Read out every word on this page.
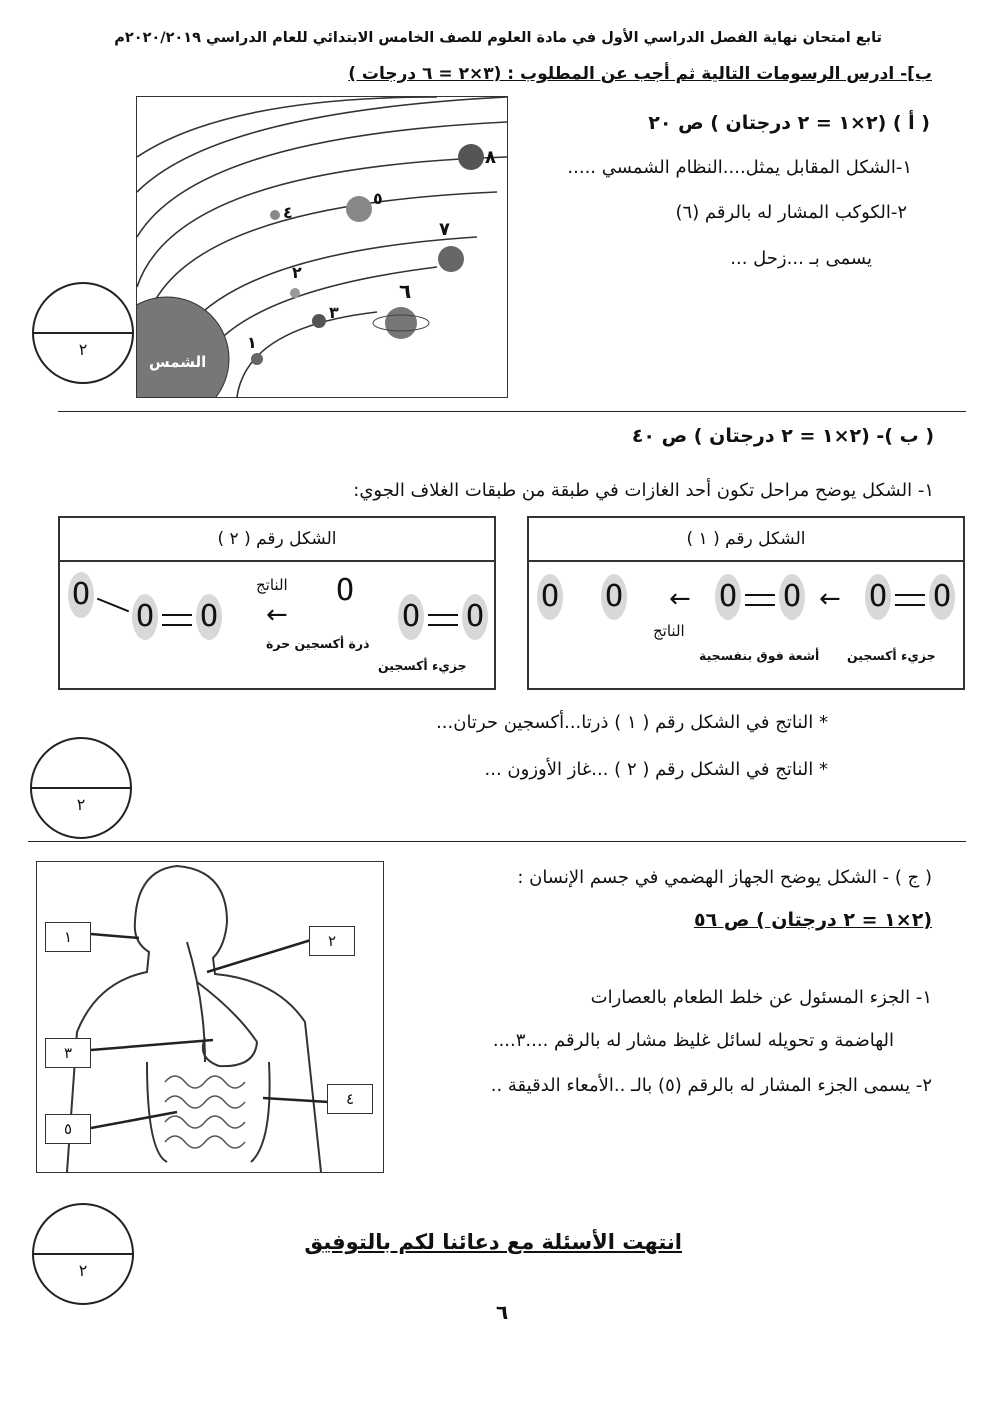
تابع امتحان نهاية الفصل الدراسي الأول في مادة العلوم للصف الخامس الابتدائي للعام الدراسي ٢٠٢٠/٢٠١٩م
ب]- ادرس الرسومات التالية ثم أجب عن المطلوب : (٣×٢ = ٦ درجات )
( أ ) (٢×١ = ٢ درجتان ) ص ٢٠
١-الشكل المقابل يمثل....النظام الشمسي .....
٢-الكوكب المشار له بالرقم (٦)
يسمى بـ ...زحل ...
الشمس
١
٢
٣
٤
٥
٦
٧
٨
٢
( ب )- (٢×١ = ٢ درجتان ) ص ٤٠
١- الشكل يوضح مراحل تكون أحد الغازات في طبقة من طبقات الغلاف الجوي:
الشكل رقم ( ١ )
O O ← O O ← O O
الناتج
أشعة فوق بنفسجية جزيء أكسجين
الشكل رقم ( ٢ )
O
O O
الناتج
←
O
O O
ذرة أكسجين حرة
جزيء أكسجين
* الناتج في الشكل رقم ( ١ ) ذرتا...أكسجين حرتان...
* الناتج في الشكل رقم ( ٢ ) ...غاز الأوزون ...
٢
( ج ) - الشكل يوضح الجهاز الهضمي في جسم الإنسان :
(٢×١ = ٢ درجتان ) ص ٥٦
١- الجزء المسئول عن خلط الطعام بالعصارات
الهاضمة و تحويله لسائل غليظ مشار له بالرقم ....٣....
٢- يسمى الجزء المشار له بالرقم (٥) بالـ ..الأمعاء الدقيقة ..
١	٢
٣
٤
٥
٢
انتهت الأسئلة مع دعائنا لكم بالتوفيق
٦
